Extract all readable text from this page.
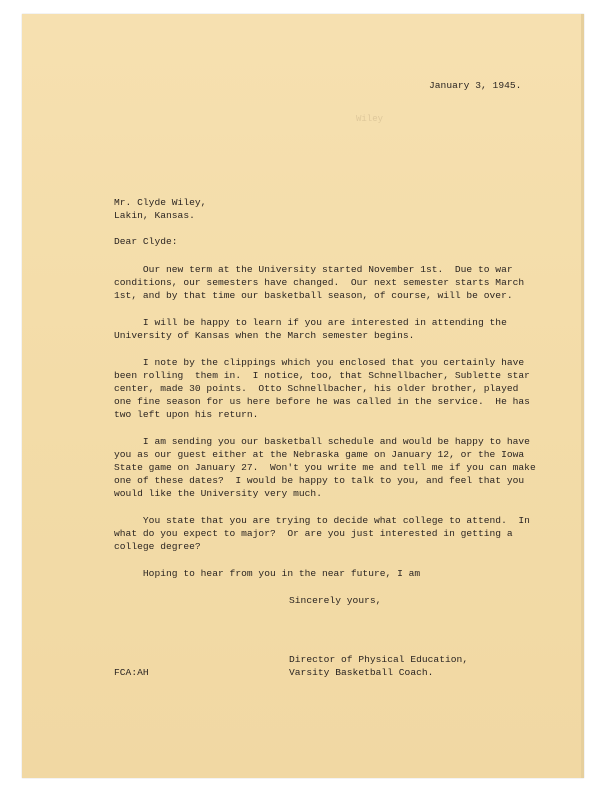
Wiley
January 3, 1945.
Mr. Clyde Wiley,
Lakin, Kansas.
Dear Clyde:
Our new term at the University started November 1st.  Due to war
conditions, our semesters have changed.  Our next semester starts March
1st, and by that time our basketball season, of course, will be over.
I will be happy to learn if you are interested in attending the
University of Kansas when the March semester begins.
I note by the clippings which you enclosed that you certainly have
been rolling  them in.  I notice, too, that Schnellbacher, Sublette star
center, made 30 points.  Otto Schnellbacher, his older brother, played
one fine season for us here before he was called in the service.  He has
two left upon his return.
I am sending you our basketball schedule and would be happy to have
you as our guest either at the Nebraska game on January 12, or the Iowa
State game on January 27.  Won't you write me and tell me if you can make
one of these dates?  I would be happy to talk to you, and feel that you
would like the University very much.
You state that you are trying to decide what college to attend.  In
what do you expect to major?  Or are you just interested in getting a
college degree?
Hoping to hear from you in the near future, I am
Sincerely yours,
Director of Physical Education,
Varsity Basketball Coach.
FCA:AH
